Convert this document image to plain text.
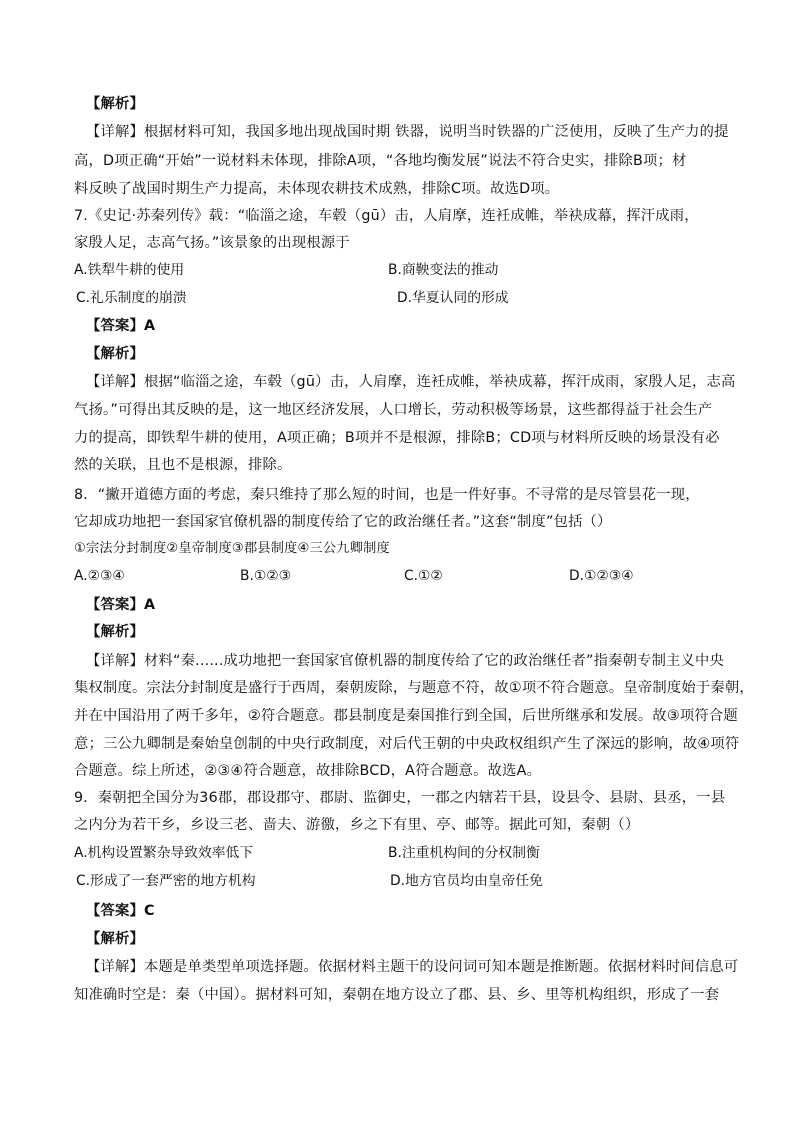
【解析】
【详解】根据材料可知，我国多地出现战国时期 铁器，说明当时铁器的广泛使用，反映了生产力的提
高，D项正确“开始”一说材料未体现，排除A项，“各地均衡发展”说法不符合史实，排除B项；材
料反映了战国时期生产力提高，未体现农耕技术成熟，排除C项。故选D项。
7.《史记·苏秦列传》载：“临淄之途，车毂（gū）击，人肩摩，连衽成帷，举袂成幕，挥汗成雨，
家殷人足，志高气扬。”该景象的出现根源于
A.铁犁牛耕的使用	B.商鞅变法的推动
C.礼乐制度的崩溃	D.华夏认同的形成
【答案】A
【解析】
【详解】根据“临淄之途，车毂（gū）击，人肩摩，连衽成帷，举袂成幕，挥汗成雨，家殷人足，志高
气扬。”可得出其反映的是，这一地区经济发展，人口增长，劳动积极等场景，这些都得益于社会生产
力的提高，即铁犁牛耕的使用，A项正确；B项并不是根源，排除B；CD项与材料所反映的场景没有必
然的关联，且也不是根源，排除。
8．“撇开道德方面的考虑，秦只维持了那么短的时间，也是一件好事。不寻常的是尽管昙花一现，
它却成功地把一套国家官僚机器的制度传给了它的政治继任者。”这套“制度”包括（）
①宗法分封制度②皇帝制度③郡县制度④三公九卿制度
A.②③④	B.①②③	C.①②	D.①②③④
【答案】A
【解析】
【详解】材料“秦......成功地把一套国家官僚机器的制度传给了它的政治继任者”指秦朝专制主义中央
集权制度。宗法分封制度是盛行于西周，秦朝废除，与题意不符，故①项不符合题意。皇帝制度始于秦朝，
并在中国沿用了两千多年，②符合题意。郡县制度是秦国推行到全国，后世所继承和发展。故③项符合题
意；三公九卿制是秦始皇创制的中央行政制度，对后代王朝的中央政权组织产生了深远的影响，故④项符
合题意。综上所述，②③④符合题意，故排除BCD，A符合题意。故选A。
9．秦朝把全国分为36郡，郡设郡守、郡尉、监御史，一郡之内辖若干县，设县令、县尉、县丞，一县
之内分为若干乡，乡设三老、啬夫、游徼，乡之下有里、亭、邮等。据此可知，秦朝（）
A.机构设置繁杂导致效率低下	B.注重机构间的分权制衡
C.形成了一套严密的地方机构	D.地方官员均由皇帝任免
【答案】C
【解析】
【详解】本题是单类型单项选择题。依据材料主题干的设问词可知本题是推断题。依据材料时间信息可
知准确时空是：秦（中国）。据材料可知，秦朝在地方设立了郡、县、乡、里等机构组织，形成了一套
